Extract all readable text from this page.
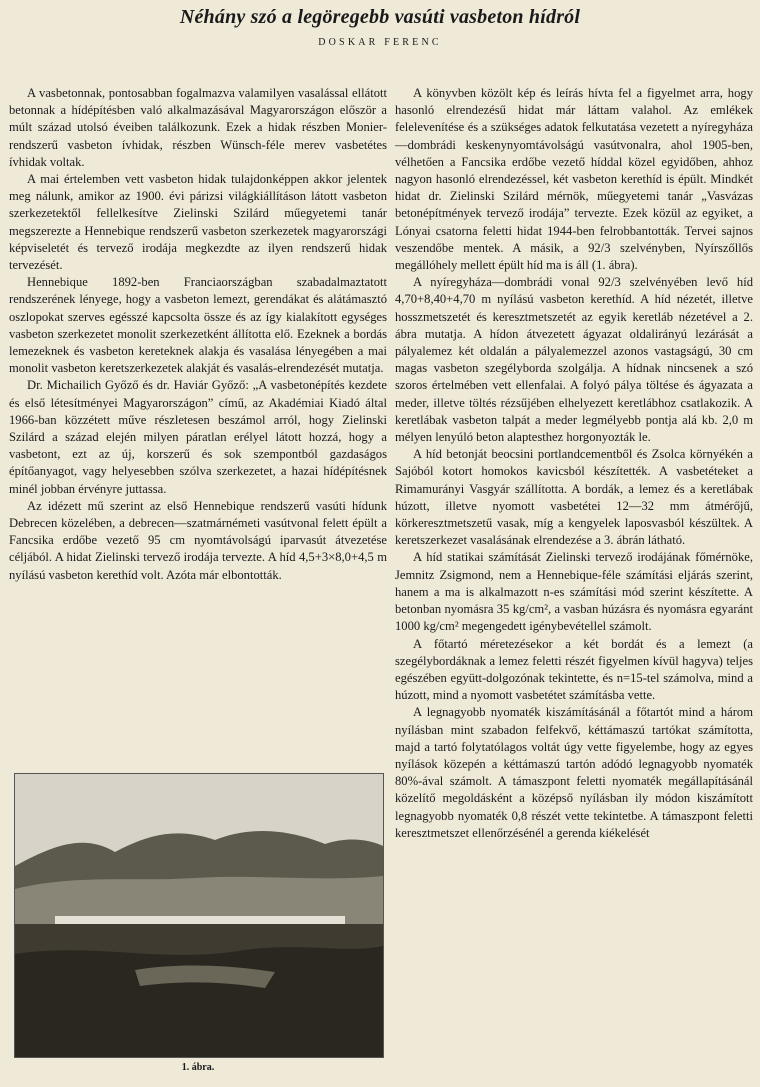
Néhány szó a legöregebb vasúti vasbeton hídról
DOSKAR FERENC

A vasbetonnak, pontosabban fogalmazva valamilyen vasalással ellátott betonnak a hídépítésben való alkalmazásával Magyarországon először a múlt század utolsó éveiben találkozunk. Ezek a hidak részben Monier-rendszerű vasbeton ívhidak, részben Wünsch-féle merev vasbetétes ívhidak voltak.

A mai értelemben vett vasbeton hidak tulajdonképpen akkor jelentek meg nálunk, amikor az 1900. évi párizsi világkiállításon látott vasbeton szerkezetektől fellelkesítve Zielinski Szilárd műegyetemi tanár megszerezte a Hennebique rendszerű vasbeton szerkezetek magyarországi képviseletét és tervező irodája megkezdte az ilyen rendszerű hidak tervezését.

Hennebique 1892-ben Franciaországban szabadalmaztatott rendszerének lényege, hogy a vasbeton lemezt, gerendákat és alátámasztó oszlopokat szerves egésszé kapcsolta össze és az így kialakított egységes vasbeton szerkezetet monolit szerkezetként állította elő. Ezeknek a bordás lemezeknek és vasbeton kereteknek alakja és vasalása lényegében a mai monolit vasbeton keretszerkezetek alakját és vasalás-elrendezését mutatja.

Dr. Michailich Győző és dr. Haviár Győző: „A vasbetonépítés kezdete és első létesítményei Magyarországon” című, az Akadémiai Kiadó által 1966-ban közzétett műve részletesen beszámol arról, hogy Zielinski Szilárd a század elején milyen páratlan erélyel látott hozzá, hogy a vasbetont, ezt az új, korszerű és sok szempontból gazdaságos építőanyagot, vagy helyesebben szólva szerkezetet, a hazai hídépítésnek minél jobban érvényre juttassa.

Az idézett mű szerint az első Hennebique rendszerű vasúti hídunk Debrecen közelében, a debrecen—szatmárnémeti vasútvonal felett épült a Fancsika erdőbe vezető 95 cm nyomtávolságú iparvasút átvezetése céljából. A hidat Zielinski tervező irodája tervezte. A híd 4,5+3×8,0+4,5 m nyílású vasbeton kerethíd volt. Azóta már elbontották.

1. ábra.

A könyvben közölt kép és leírás hívta fel a figyelmet arra, hogy hasonló elrendezésű hidat már láttam valahol. Az emlékek felelevenítése és a szükséges adatok felkutatása vezetett a nyíregyháza—dombrádi keskenynyomtávolságú vasútvonalra, ahol 1905-ben, vélhetően a Fancsika erdőbe vezető híddal közel egyidőben, ahhoz nagyon hasonló elrendezéssel, két vasbeton kerethíd is épült. Mindkét hidat dr. Zielinski Szilárd mérnök, műegyetemi tanár „Vasvázas betonépítmények tervező irodája” tervezte. Ezek közül az egyiket, a Lónyai csatorna feletti hidat 1944-ben felrobbantották. Tervei sajnos veszendőbe mentek. A másik, a 92/3 szelvényben, Nyírszőllős megállóhely mellett épült híd ma is áll (1. ábra).

A nyíregyháza—dombrádi vonal 92/3 szelvényében levő híd 4,70+8,40+4,70 m nyílású vasbeton kerethíd. A híd nézetét, illetve hosszmetszetét és keresztmetszetét az egyik keretláb nézetével a 2. ábra mutatja. A hídon átvezetett ágyazat oldalirányú lezárását a pályalemez két oldalán a pályalemezzel azonos vastagságú, 30 cm magas vasbeton szegélyborda szolgálja. A hídnak nincsenek a szó szoros értelmében vett ellenfalai. A folyó pálya töltése és ágyazata a meder, illetve töltés rézsűjében elhelyezett keretlábhoz csatlakozik. A keretlábak vasbeton talpát a meder legmélyebb pontja alá kb. 2,0 m mélyen lenyúló beton alaptesthez horgonyozták le.

A híd betonját beocsini portlandcementből és Zsolca környékén a Sajóból kotort homokos kavicsból készítették. A vasbetéteket a Rimamurányi Vasgyár szállította. A bordák, a lemez és a keretlábak húzott, illetve nyomott vasbetétei 12—32 mm átmérőjű, körkeresztmetszetű vasak, míg a kengyelek laposvasból készültek. A keretszerkezet vasalásának elrendezése a 3. ábrán látható.

A híd statikai számítását Zielinski tervező irodájának főmérnöke, Jemnitz Zsigmond, nem a Hennebique-féle számítási eljárás szerint, hanem a ma is alkalmazott n-es számítási mód szerint készítette. A betonban nyomásra 35 kg/cm², a vasban húzásra és nyomásra egyaránt 1000 kg/cm² megengedett igénybevétellel számolt.

A főtartó méretezésekor a két bordát és a lemezt (a szegélybordáknak a lemez feletti részét figyelmen kívül hagyva) teljes egészében együtt-dolgozónak tekintette, és n=15-tel számolva, mind a húzott, mind a nyomott vasbetétet számításba vette.

A legnagyobb nyomaték kiszámításánál a főtartót mind a három nyílásban mint szabadon felfekvő, kéttámaszú tartókat számította, majd a tartó folytatólagos voltát úgy vette figyelembe, hogy az egyes nyílások közepén a kéttámaszú tartón adódó legnagyobb nyomaték 80%-ával számolt. A támaszpont feletti nyomaték megállapításánál közelítő megoldásként a középső nyílásban ily módon kiszámított legnagyobb nyomaték 0,8 részét vette tekintetbe. A támaszpont feletti keresztmetszet ellenőrzésénél a gerenda kiékelését
